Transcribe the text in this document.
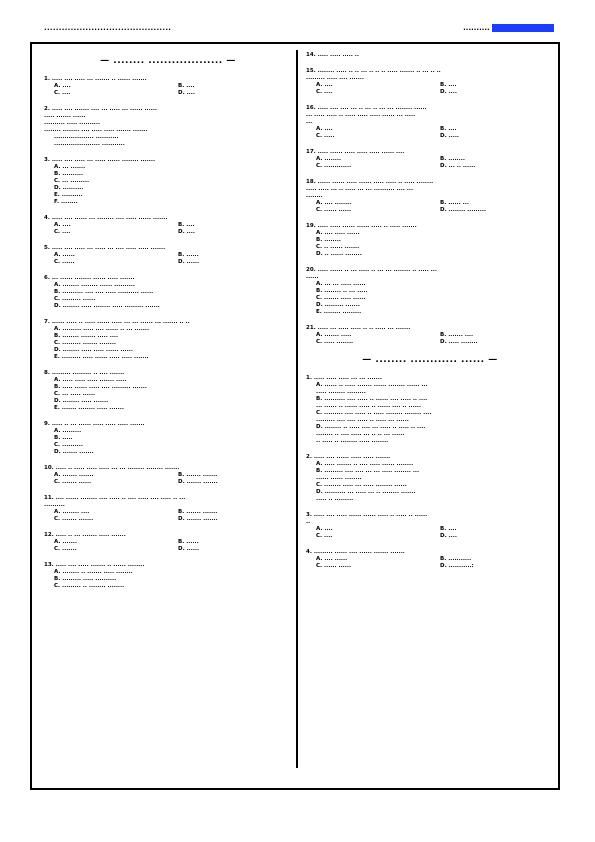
...........................................	.......... .....................
— ........ ................... —
1. ..... .... ..... ... ....... .. ...... .......
A. ....	B. ....
C. ....	D. ....
2. ..... .... ....... .... ... ..... ... ...... ......
..... ....... ......
.......... ..... ..........
........ ........ .... ..... ..... ....... .......
................... ...........
...................... ...........
3. ..... .... ..... ... ..... ...... ........ .......
A. ... .......
B. ..........
C. ... .........
D. ..........
E. ..........
F. ........
4. ..... .... ...... ... ........ .... ..... ...... .......
A. ....	B. ....
C. ....	D. ....
5. ..... .... ..... ... ..... ... .... ..... ..... .......
A. ......	B. ......
C. ......	D. ......
6. ... ...... ........ ...... ..... .......
A. ........ ........ ...... ..........
B. .......... .... .... ..... .......... ......
C. ......... ......
D. ........ ..... ........ ..... ......... .......
7. ...... ..... .. ..... ...... ..... ... ... ...... ... ....... .. ..
A. ......... ..... .... ...... .. ... .......
B. ........ ....... ..... ....
C. ......... ....... ........
D. ........ ..... ..... ...... ......
E. ......... ..... ...... ..... ..... .......
8. ......... ......... .. .... .......
A. ..... ..... ..... ....... .....
B. ..... ...... ..... .... ......... .......
C. ... ..... ......
D. ........ ..... .......
E. ....... ........ ..... .......
9. ..... .. ... ...... ..... ..... ..... .......
A. .........
B. .....
C. ..........
D. ....... .......
10. ..... .. ..... ..... ..... ... ... ........ ........ .......
A. ....... .......	B. ....... .......
C. ....... ......	D. ....... .......
11. .... ...... ........ .... ..... .. .... ..... .... ..... .. ...
..........
A. ........ ....	B. ....... .......
C. ....... .......	D. ....... .......
12. ..... .. ... ....... ..... .......
A. .......	B. ......
C. .......	D. ......
13. ..... .... ..... ....... .. ...... ........
A. ........ .. ....... ..... ........
B. ......... ..... ..........
C. ......... .. ........ ........
14. ..... ..... ..... ..
15. ........ ..... .. .. ... .. .. .. ..... ....... .. ... .. ..
......... ..... .... .......
A. ....	B. ....
C. ....	D. ....
16. ..... .... .... ... .. ... .. ... ... ........ ......
... ..... ..... .. ..... ..... ..... ...... ... .....
...
A. ....	B. ....
C. .....	D. .....
17. ..... ...... ..... ..... ..... ...... ....
A. ........	B. ........
C. .............	D. ... .. ......
18. ...... ...... ..... ...... ..... ..... .. ..... ........
..... ..... ... .. ..... ... ... .......... .... ...
........
A. .... ........	B. ...... ...
C. ...... ......	D. ........ .........
19. ..... ..... ...... ...... ..... .. ..... .......
A. .... ..... ......
B. ........
C. .. ...... .......
D. .. ...... ........
20. ..... ...... .. ... ..... .. ... ... ........ .. ..... ...
......
A. ... ... ..... ......
B. ........ .. ... .....
C. ....... ..... ......
D. ......... .......
E. ........ .........
21. ..... ... ..... ..... .. .. ..... ... .......
A. ....... .....	B. ....... ....
C. ..... ........	D. ..... ........
— ........ ............ ...... —
1. ..... ..... ..... ... ... .......
A. ...... .. ..... ....... ...... ........ ...... ...
..... ........ .........
B. .......... .... ..... .. ...... .... ..... .. ....
... ...... .. ...... ..... .. ...... .... .. ......
C. ......... .... ..... .. ..... ........ ........ ....
......... .... .... ..... .. ..... ... ......
D. ........ .. ..... .... ... ..... .. ..... .. ....
........ .. .... ..... ... .. .. ... ......
.. ..... .. ........ ..... ........
2. ..... .... ...... ..... ..... .......
A. ..... ....... .. .... ..... ...... ........
B. ......... .... .... ... ... ..... ........ ...
...... ...... ........
C. ........ ..... ... ..... ........ ......
D. .......... ... ..... ... .. ........ .......
..... .. .........
3. ..... .... ..... ...... ...... ..... .. ..... .. ......
..
A. ....	B. ....
C. ....	D. ....
4. ......... ...... .... ...... ....... .......
A. .... ......	B. ...........
C. ...... ......	D. ...........:
